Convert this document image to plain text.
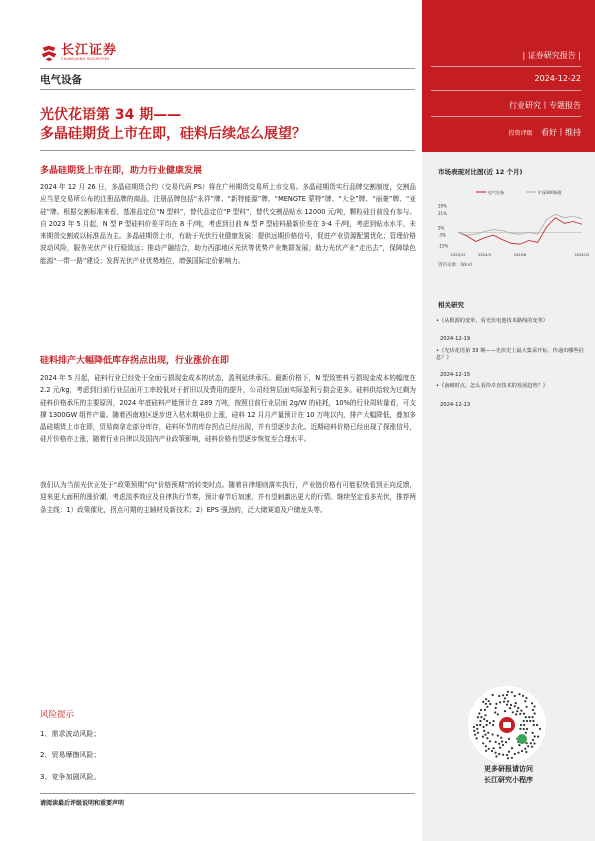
| 证券研究报告 |
2024-12-22
行业研究丨专题报告
投资评级 看好丨维持
长江证券
CHANGJIANG SECURITIES
电气设备
光伏花语第 34 期——
多晶硅期货上市在即，硅料后续怎么展望？
多晶硅期货上市在即，助力行业健康发展
2024 年 12 月 26 日，多晶硅期货合约（交易代码 PS）将在广州期货交易所上市交易。多晶硅期货实行品牌交割制度，交割品应当是交易所公布的注册品牌的商品，注册品牌包括“永祥”牌、“新特能源”牌、“MENGTE 蒙特”牌、“大全”牌、“丽豪”牌、“亚硅”牌。根据交割标准来看，基准品定位“N 型料”，替代品定位“P 型料”，替代交割品贴水 12000 元/吨，颗粒硅目前没有参与。自 2023 年 5 月起，N 型 P 型硅料价差平均在 8 千/吨，考虑到目前 N 型 P 型硅料最新价差在 3-4 千/吨，考虑到贴水水平，未来期货交割或以标准品为主。多晶硅期货上市，有助于光伏行业健康发展：提供远期价格信号，促进产业资源配置优化；管理价格波动风险，服务光伏产业行稳致远；推动产融结合，助力西部地区光伏等优势产业集群发展；助力光伏产业“走出去”，保障绿色能源“一带一路”建设；发挥光伏产业优势地位，增强国际定价影响力。
硅料排产大幅降低库存拐点出现，行业涨价在即
2024 年 5 月起，硅料行业已经处于全面亏损现金成本的状态，盈利延续承压。最新价格下，N 型致密料亏损现金成本的幅度在 2.2 元/kg，考虑到目前行业层面开工率较低对于折旧以及费用的提升，公司经营层面实际盈利亏损会更多。硅料供给较为过剩为硅料价格承压的主要原因，2024 年底硅料产能预计在 289 万吨，按照目前行业层面 2g/W 的硅耗，10%的行业周转量看，可支撑 1300GW 组件产量。随着西南地区逐步进入枯水期电价上涨，硅料 12 月月产量预计在 10 万吨以内，排产大幅降低，叠加多晶硅期货上市在即，贸易商拿走部分库存，硅料环节的库存拐点已经出现，并有望逐步去化。近期硅料价格已经出现了探涨信号，硅片价格亦上涨，随着行业自律以及国内产业政策影响，硅料价格有望逐步恢复至合理水平。
我们认为当前光伏正处于“政策预期”向“价格预期”的转变时点。随着自律细则落实执行，产业链价格有可能很快看到正向反馈，迎来更大面积的涨价潮，考虑淡季效应及自律执行节奏，预计春节后加速，并有望刺激出更大的行情。继续坚定看多光伏，推荐两条主线：1）政策催化，拐点可期的主辅材及新技术；2）EPS 强劲的，泛大储赛道及户储龙头等。
风险提示
1、需求波动风险；
2、贸易摩擦风险；
3、竞争加剧风险。
请阅读最后评级说明和重要声明
市场表现对比图(近 12 个月)
电气设备	沪深300指数
29%
21%
5%
-3%
-15%
2023/12	2024/4	2024/8	2024/12
资料来源：Wind
相关研究
•《从根源的变革，看光伏电池技术路线的变革》
2024-12-19
•《光伏花语第 33 期——光伏史上最大集采开标，传递出哪些信息？》
2024-12-15
•《南網时点，怎么看待卓直技术的发展趋势？》
2024-12-13
更多研报请访问
长江研究小程序
